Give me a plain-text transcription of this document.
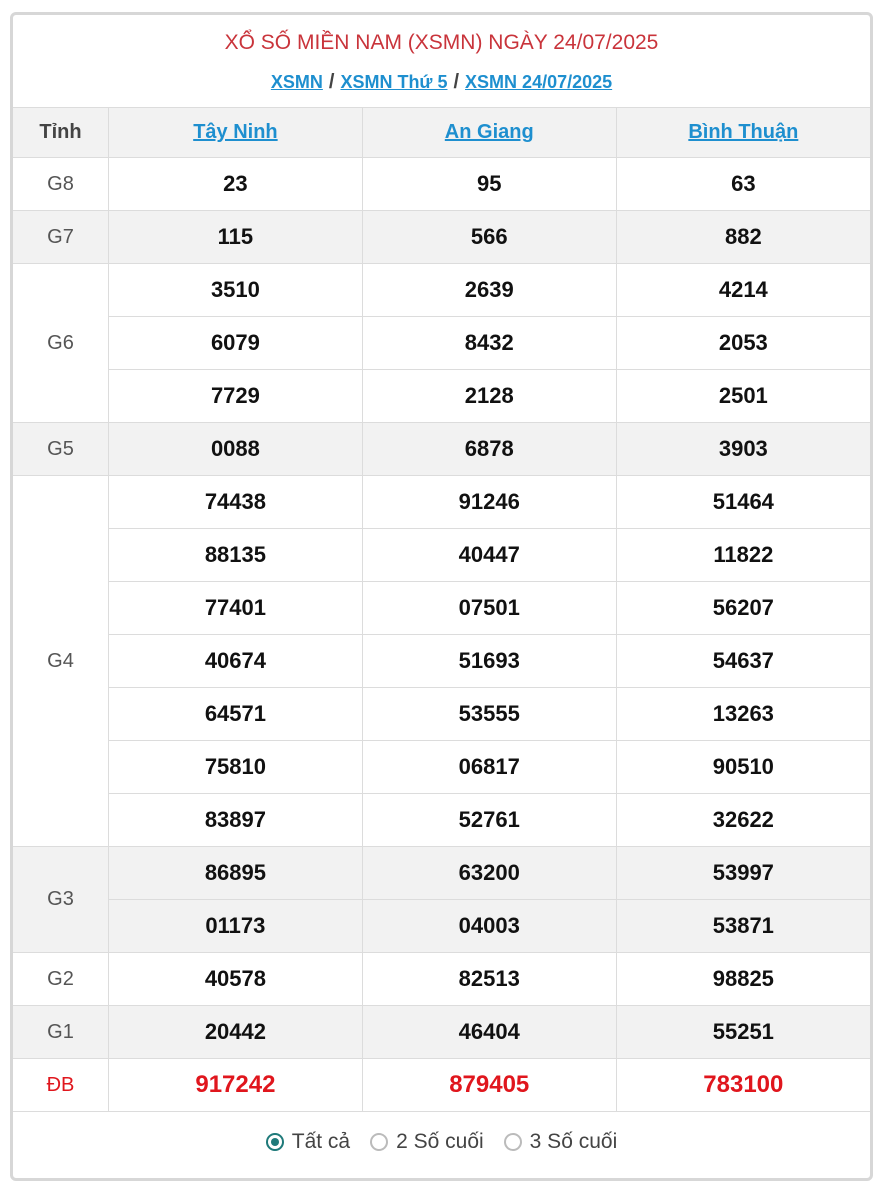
XỔ SỐ MIỀN NAM (XSMN) NGÀY 24/07/2025
XSMN / XSMN Thứ 5 / XSMN 24/07/2025
Tỉnh	Tây Ninh	An Giang	Bình Thuận
G8	23	95	63
G7	115	566	882
G6	3510	2639	4214
	6079	8432	2053
	7729	2128	2501
G5	0088	6878	3903
G4	74438	91246	51464
	88135	40447	11822
	77401	07501	56207
	40674	51693	54637
	64571	53555	13263
	75810	06817	90510
	83897	52761	32622
G3	86895	63200	53997
	01173	04003	53871
G2	40578	82513	98825
G1	20442	46404	55251
ĐB	917242	879405	783100
Tất cả 2 Số cuối 3 Số cuối
